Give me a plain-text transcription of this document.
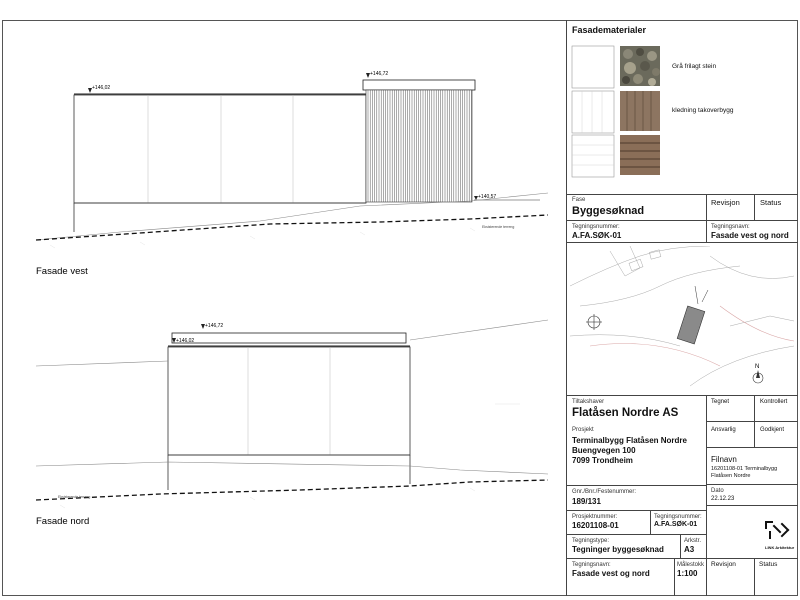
+146,02
+146,72
+140,57
Eksisterende terreng
Fasade vest
+146,72
+146,02
Eksisterende terreng
Fasade nord
Fasadematerialer
Grå frilagt stein
kledning takoverbygg
Fase
Byggesøknad
Revisjon	Status
Tegningsnummer:
A.FA.SØK-01
Tegningsnavn:
Fasade vest og nord
N
Tiltakshaver
Flatåsen Nordre AS
Prosjekt
Terminalbygg Flatåsen Nordre
Buengvegen 100
7099 Trondheim
Gnr./Bnr./Festenummer:
189/131
Prosjektnummer:
16201108-01
Tegningsnummer:
A.FA.SØK-01
Tegningstype:
Tegninger byggesøknad
Arkstr.
A3
Tegningsnavn:
Fasade vest og nord
Målestokk
1:100
Revisjon	Status
Tegnet	Kontrollert
Ansvarlig	Godkjent
Filnavn
16201108-01 Terminalbygg
Flatåsen Nordre
Dato
22.12.23
LINK Arkitektur
